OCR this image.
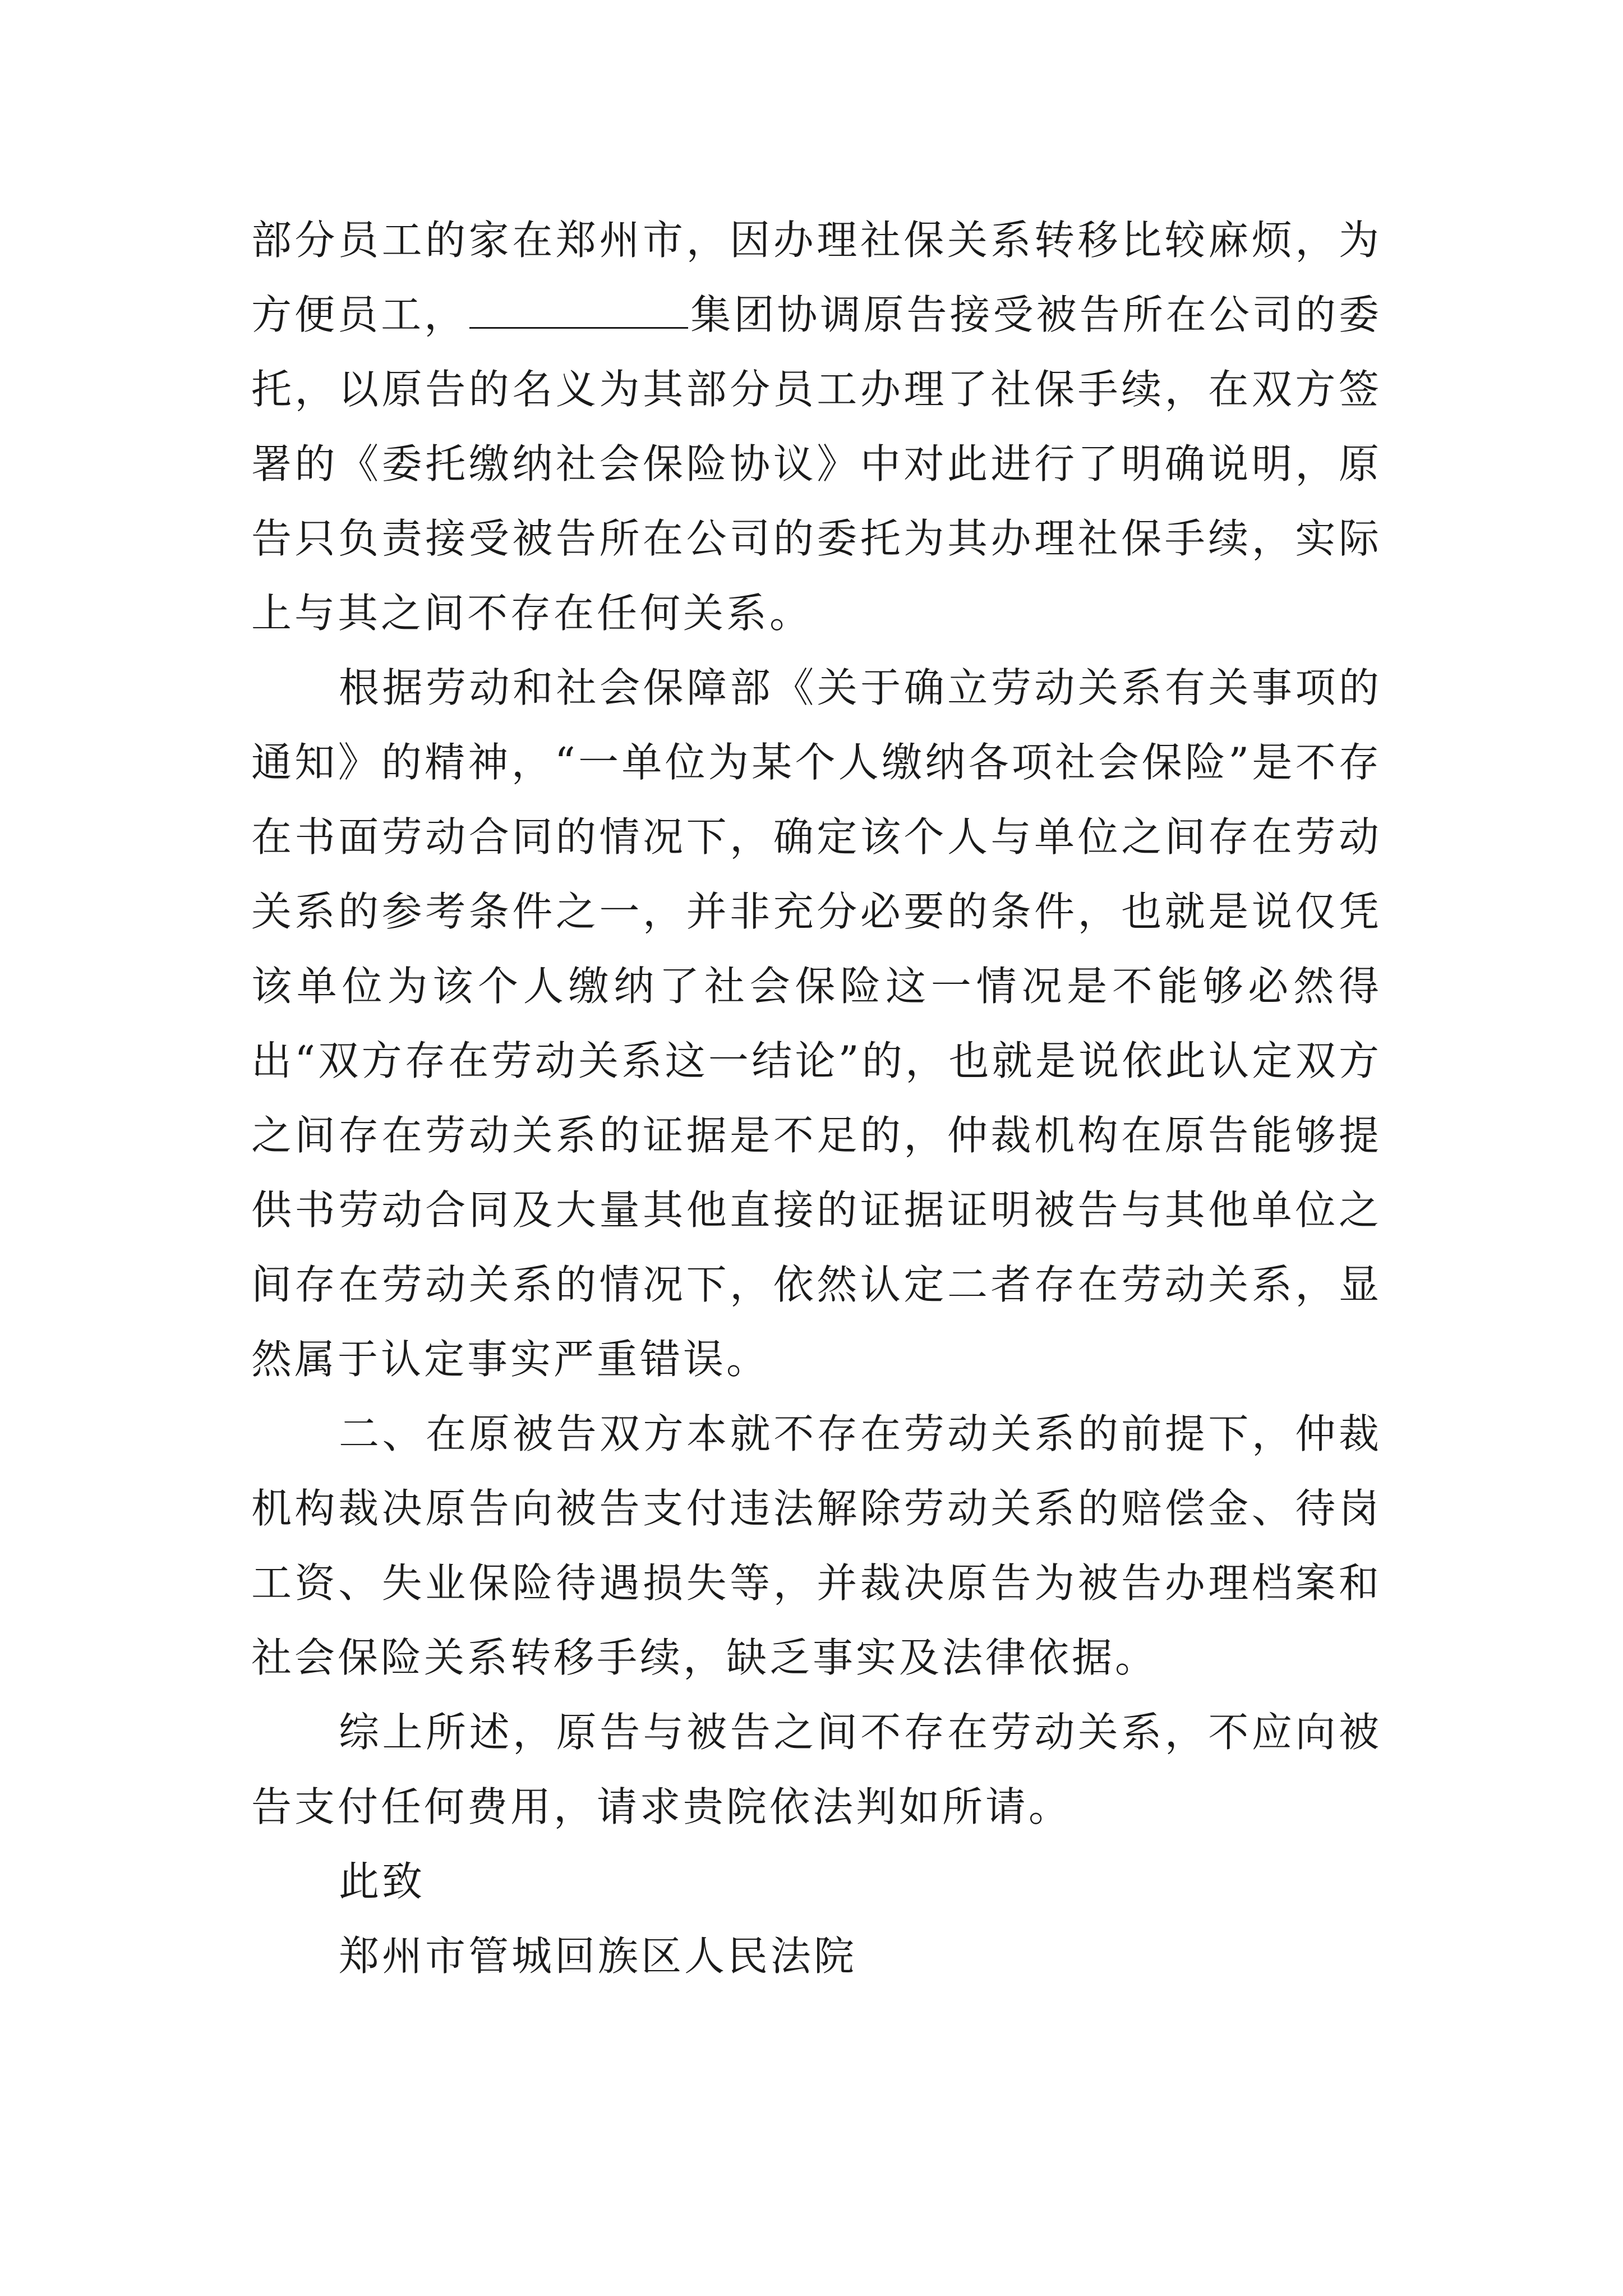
部分员工的家在郑州市，因办理社保关系转移比较麻烦，为方便员工，	集团协调原告接受被告所在公司的委托，以原告的名义为其部分员工办理了社保手续，在双方签署的《委托缴纳社会保险协议》中对此进行了明确说明，原告只负责接受被告所在公司的委托为其办理社保手续，实际上与其之间不存在任何关系。

根据劳动和社会保障部《关于确立劳动关系有关事项的通知》的精神，“一单位为某个人缴纳各项社会保险”是不存在书面劳动合同的情况下，确定该个人与单位之间存在劳动关系的参考条件之一，并非充分必要的条件，也就是说仅凭该单位为该个人缴纳了社会保险这一情况是不能够必然得出“双方存在劳动关系这一结论”的，也就是说依此认定双方之间存在劳动关系的证据是不足的，仲裁机构在原告能够提供书劳动合同及大量其他直接的证据证明被告与其他单位之间存在劳动关系的情况下，依然认定二者存在劳动关系，显然属于认定事实严重错误。

二、在原被告双方本就不存在劳动关系的前提下，仲裁机构裁决原告向被告支付违法解除劳动关系的赔偿金、待岗工资、失业保险待遇损失等，并裁决原告为被告办理档案和社会保险关系转移手续，缺乏事实及法律依据。

综上所述，原告与被告之间不存在劳动关系，不应向被告支付任何费用，请求贵院依法判如所请。

此致

郑州市管城回族区人民法院
